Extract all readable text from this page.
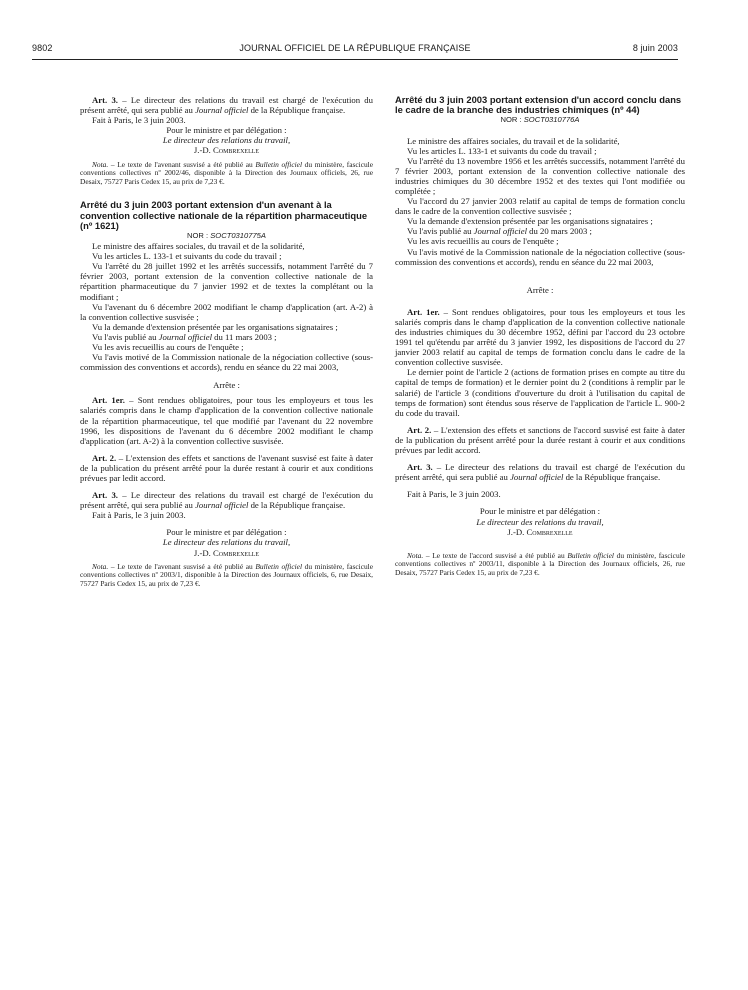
9802	JOURNAL OFFICIEL DE LA RÉPUBLIQUE FRANÇAISE	8 juin 2003

Art. 3. – Le directeur des relations du travail est chargé de l'exécution du présent arrêté, qui sera publié au Journal officiel de la République française.

Fait à Paris, le 3 juin 2003.

Pour le ministre et par délégation :

Le directeur des relations du travail,

J.-D. Combrexelle

Nota. – Le texte de l'avenant susvisé a été publié au Bulletin officiel du ministère, fascicule conventions collectives nº 2002/46, disponible à la Direction des Journaux officiels, 26, rue Desaix, 75727 Paris Cedex 15, au prix de 7,23 €.

Arrêté du 3 juin 2003 portant extension d'un avenant à la convention collective nationale de la répartition pharmaceutique (nº 1621)

NOR : SOCT0310775A

Le ministre des affaires sociales, du travail et de la solidarité,

Vu les articles L. 133-1 et suivants du code du travail ;

Vu l'arrêté du 28 juillet 1992 et les arrêtés successifs, notamment l'arrêté du 7 février 2003, portant extension de la convention collective nationale de la répartition pharmaceutique du 7 janvier 1992 et de textes la complétant ou la modifiant ;

Vu l'avenant du 6 décembre 2002 modifiant le champ d'application (art. A-2) à la convention collective susvisée ;

Vu la demande d'extension présentée par les organisations signataires ;

Vu l'avis publié au Journal officiel du 11 mars 2003 ;

Vu les avis recueillis au cours de l'enquête ;

Vu l'avis motivé de la Commission nationale de la négociation collective (sous-commission des conventions et accords), rendu en séance du 22 mai 2003,

Arrête :

Art. 1er. – Sont rendues obligatoires, pour tous les employeurs et tous les salariés compris dans le champ d'application de la convention collective nationale de la répartition pharmaceutique, tel que modifié par l'avenant du 22 novembre 1996, les dispositions de l'avenant du 6 décembre 2002 modifiant le champ d'application (art. A-2) à la convention collective susvisée.

Art. 2. – L'extension des effets et sanctions de l'avenant susvisé est faite à dater de la publication du présent arrêté pour la durée restant à courir et aux conditions prévues par ledit accord.

Art. 3. – Le directeur des relations du travail est chargé de l'exécution du présent arrêté, qui sera publié au Journal officiel de la République française.

Fait à Paris, le 3 juin 2003.

Pour le ministre et par délégation :

Le directeur des relations du travail,

J.-D. Combrexelle

Nota. – Le texte de l'avenant susvisé a été publié au Bulletin officiel du ministère, fascicule conventions collectives nº 2003/1, disponible à la Direction des Journaux officiels, 6, rue Desaix, 75727 Paris Cedex 15, au prix de 7,23 €.

Arrêté du 3 juin 2003 portant extension d'un accord conclu dans le cadre de la branche des industries chimiques (nº 44)

NOR : SOCT0310776A

Le ministre des affaires sociales, du travail et de la solidarité,

Vu les articles L. 133-1 et suivants du code du travail ;

Vu l'arrêté du 13 novembre 1956 et les arrêtés successifs, notamment l'arrêté du 7 février 2003, portant extension de la convention collective nationale des industries chimiques du 30 décembre 1952 et des textes qui l'ont modifiée ou complétée ;

Vu l'accord du 27 janvier 2003 relatif au capital de temps de formation conclu dans le cadre de la convention collective susvisée ;

Vu la demande d'extension présentée par les organisations signataires ;

Vu l'avis publié au Journal officiel du 20 mars 2003 ;

Vu les avis recueillis au cours de l'enquête ;

Vu l'avis motivé de la Commission nationale de la négociation collective (sous-commission des conventions et accords), rendu en séance du 22 mai 2003,

Arrête :

Art. 1er. – Sont rendues obligatoires, pour tous les employeurs et tous les salariés compris dans le champ d'application de la convention collective nationale des industries chimiques du 30 décembre 1952, défini par l'accord du 23 octobre 1991 tel qu'étendu par arrêté du 3 janvier 1992, les dispositions de l'accord du 27 janvier 2003 relatif au capital de temps de formation conclu dans le cadre de la convention collective susvisée.

Le dernier point de l'article 2 (actions de formation prises en compte au titre du capital de temps de formation) et le dernier point du 2 (conditions à remplir par le salarié) de l'article 3 (conditions d'ouverture du droit à l'utilisation du capital de temps de formation) sont étendus sous réserve de l'application de l'article L. 900-2 du code du travail.

Art. 2. – L'extension des effets et sanctions de l'accord susvisé est faite à dater de la publication du présent arrêté pour la durée restant à courir et aux conditions prévues par ledit accord.

Art. 3. – Le directeur des relations du travail est chargé de l'exécution du présent arrêté, qui sera publié au Journal officiel de la République française.

Fait à Paris, le 3 juin 2003.

Pour le ministre et par délégation :

Le directeur des relations du travail,

J.-D. Combrexelle

Nota. – Le texte de l'accord susvisé a été publié au Bulletin officiel du ministère, fascicule conventions collectives nº 2003/11, disponible à la Direction des Journaux officiels, 26, rue Desaix, 75727 Paris Cedex 15, au prix de 7,23 €.
